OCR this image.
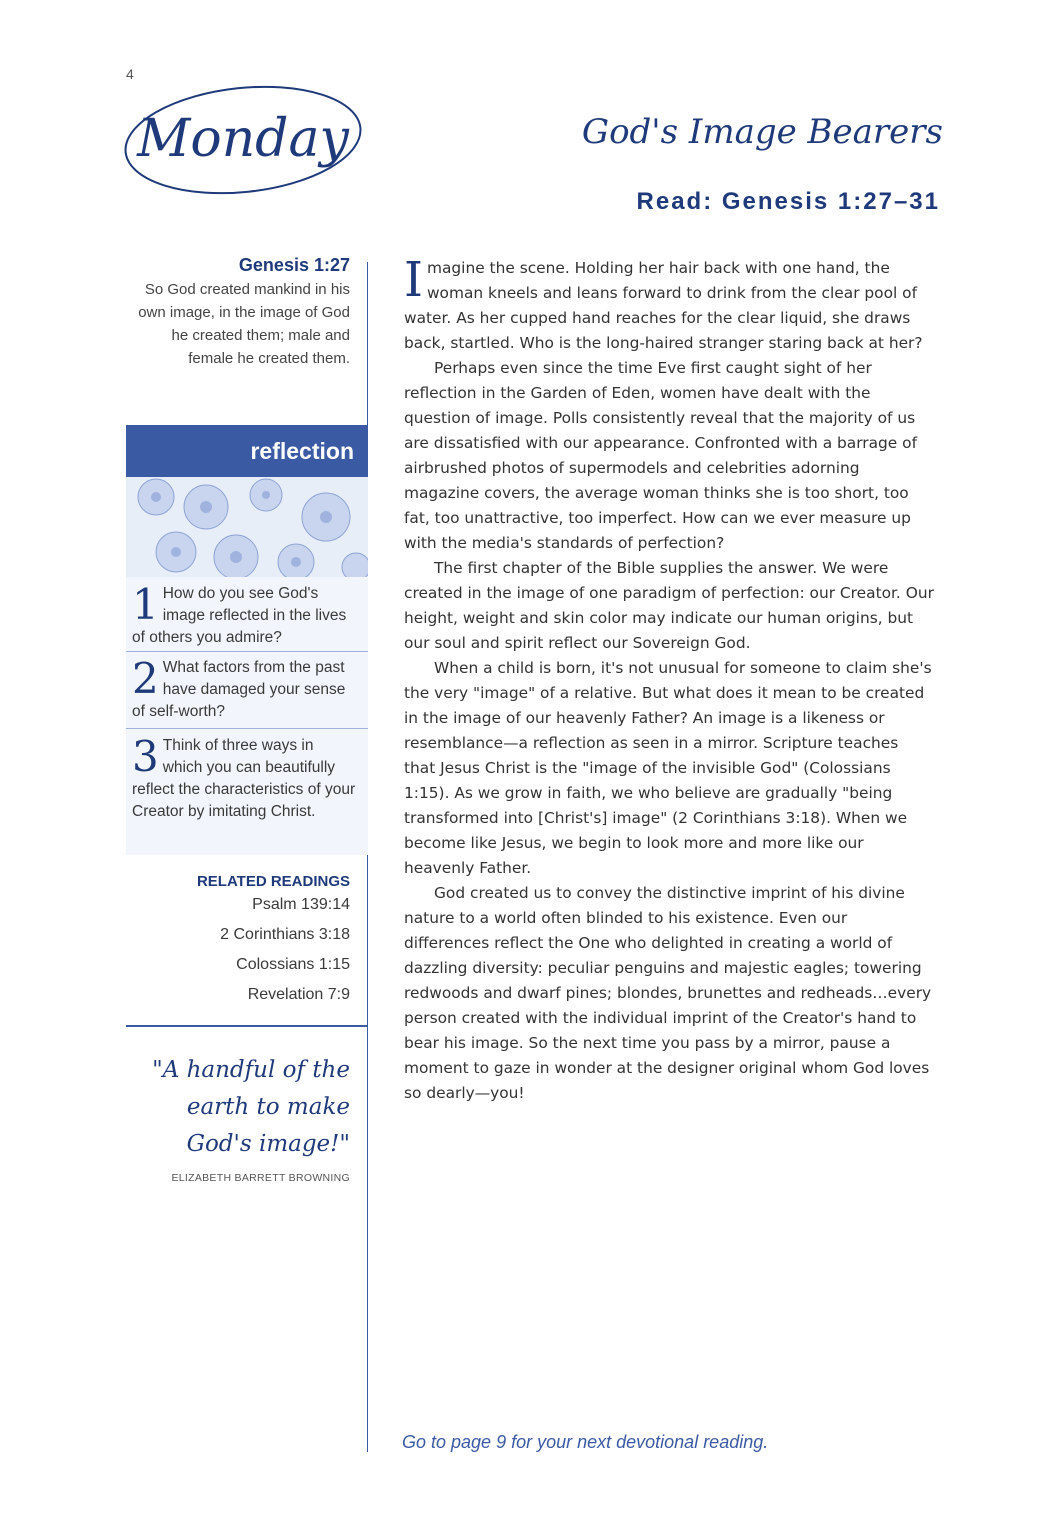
4
Monday	God's Image Bearers
Read: Genesis 1:27–31
Genesis 1:27
So God created mankind in his own image, in the image of God he created them; male and female he created them.
reflection
1 How do you see God's image reflected in the lives of others you admire?
2 What factors from the past have damaged your sense of self-worth?
3 Think of three ways in which you can beautifully reflect the characteristics of your Creator by imitating Christ.
RELATED READINGS
Psalm 139:14
2 Corinthians 3:18
Colossians 1:15
Revelation 7:9
"A handful of the earth to make God's image!"
ELIZABETH BARRETT BROWNING

Imagine the scene. Holding her hair back with one hand, the woman kneels and leans forward to drink from the clear pool of water. As her cupped hand reaches for the clear liquid, she draws back, startled. Who is the long-haired stranger staring back at her?

Perhaps even since the time Eve first caught sight of her reflection in the Garden of Eden, women have dealt with the question of image. Polls consistently reveal that the majority of us are dissatisfied with our appearance. Confronted with a barrage of airbrushed photos of supermodels and celebrities adorning magazine covers, the average woman thinks she is too short, too fat, too unattractive, too imperfect. How can we ever measure up with the media's standards of perfection?

The first chapter of the Bible supplies the answer. We were created in the image of one paradigm of perfection: our Creator. Our height, weight and skin color may indicate our human origins, but our soul and spirit reflect our Sovereign God.

When a child is born, it's not unusual for someone to claim she's the very "image" of a relative. But what does it mean to be created in the image of our heavenly Father? An image is a likeness or resemblance—a reflection as seen in a mirror. Scripture teaches that Jesus Christ is the "image of the invisible God" (Colossians 1:15). As we grow in faith, we who believe are gradually "being transformed into [Christ's] image" (2 Corinthians 3:18). When we become like Jesus, we begin to look more and more like our heavenly Father.

God created us to convey the distinctive imprint of his divine nature to a world often blinded to his existence. Even our differences reflect the One who delighted in creating a world of dazzling diversity: peculiar penguins and majestic eagles; towering redwoods and dwarf pines; blondes, brunettes and redheads…every person created with the individual imprint of the Creator's hand to bear his image. So the next time you pass by a mirror, pause a moment to gaze in wonder at the designer original whom God loves so dearly—you!

Go to page 9 for your next devotional reading.
